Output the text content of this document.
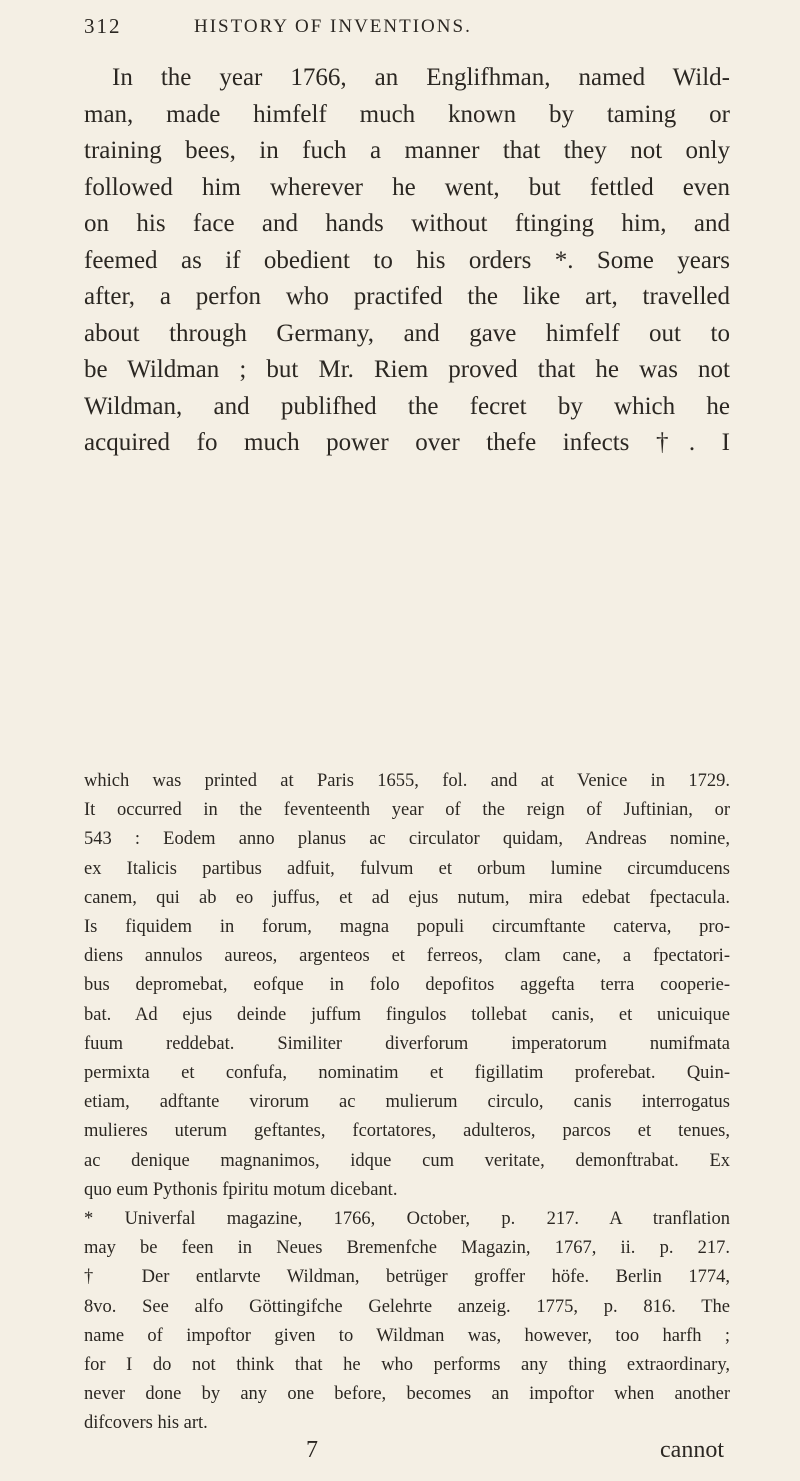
312	HISTORY OF INVENTIONS.
In the year 1766, an Englifhman, named Wild-
man, made himfelf much known by taming or
training bees, in fuch a manner that they not only
followed him wherever he went, but fettled even
on his face and hands without ftinging him, and
feemed as if obedient to his orders *. Some years
after, a perfon who practifed the like art, travelled
about through Germany, and gave himfelf out to
be Wildman ; but Mr. Riem proved that he was not
Wildman, and publifhed the fecret by which he
acquired fo much power over thefe infects †. I
which was printed at Paris 1655, fol. and at Venice in 1729.
It occurred in the feventeenth year of the reign of Juftinian, or
543 : Eodem anno planus ac circulator quidam, Andreas nomine,
ex Italicis partibus adfuit, fulvum et orbum lumine circumducens
canem, qui ab eo juffus, et ad ejus nutum, mira edebat fpectacula.
Is fiquidem in forum, magna populi circumftante caterva, pro-
diens annulos aureos, argenteos et ferreos, clam cane, a fpectatori-
bus depromebat, eofque in folo depofitos aggefta terra cooperie-
bat. Ad ejus deinde juffum fingulos tollebat canis, et unicuique
fuum reddebat. Similiter diverforum imperatorum numifmata
permixta et confufa, nominatim et figillatim proferebat. Quin-
etiam, adftante virorum ac mulierum circulo, canis interrogatus
mulieres uterum geftantes, fcortatores, adulteros, parcos et tenues,
ac denique magnanimos, idque cum veritate, demonftrabat. Ex
quo eum Pythonis fpiritu motum dicebant.
* Univerfal magazine, 1766, October, p. 217. A tranflation
may be feen in Neues Bremenfche Magazin, 1767, ii. p. 217.
† Der entlarvte Wildman, betrüger groffer höfe. Berlin 1774,
8vo. See alfo Göttingifche Gelehrte anzeig. 1775, p. 816. The
name of impoftor given to Wildman was, however, too harfh ;
for I do not think that he who performs any thing extraordinary,
never done by any one before, becomes an impoftor when another
difcovers his art.
7	cannot
